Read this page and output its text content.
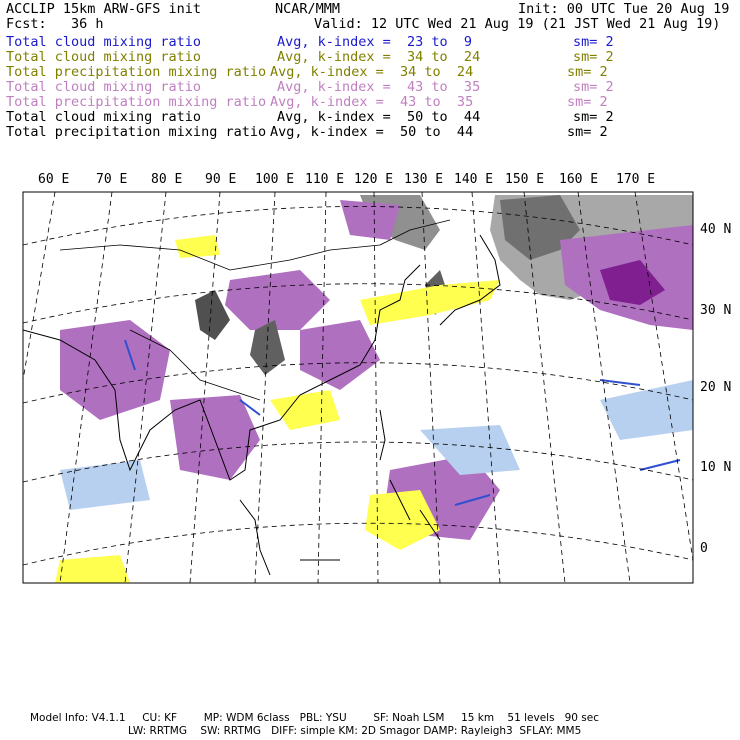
ACCLIP 15km ARW-GFS init	NCAR/MMM	Init: 00 UTC Tue 20 Aug 19
Fcst:   36 h	Valid: 12 UTC Wed 21 Aug 19 (21 JST Wed 21 Aug 19)
Total cloud mixing ratio	Avg, k-index =  23 to  9	sm= 2
Total cloud mixing ratio	Avg, k-index =  34 to  24	sm= 2
Total precipitation mixing ratio Avg, k-index =  34 to  24	sm= 2
Total cloud mixing ratio	Avg, k-index =  43 to  35	sm= 2
Total precipitation mixing ratio Avg, k-index =  43 to  35	sm= 2
Total cloud mixing ratio	Avg, k-index =  50 to  44	sm= 2
Total precipitation mixing ratio Avg, k-index =  50 to  44	sm= 2
60 E 70 E 80 E 90 E 100 E 110 E 120 E 130 E 140 E 150 E 160 E 170 E
40 N
30 N
20 N
10 N
0
Model Info: V4.1.1     CU: KF        MP: WDM 6class   PBL: YSU        SF: Noah LSM     15 km    51 levels   90 sec
LW: RRTMG    SW: RRTMG   DIFF: simple KM: 2D Smagor DAMP: Rayleigh3  SFLAY: MM5
